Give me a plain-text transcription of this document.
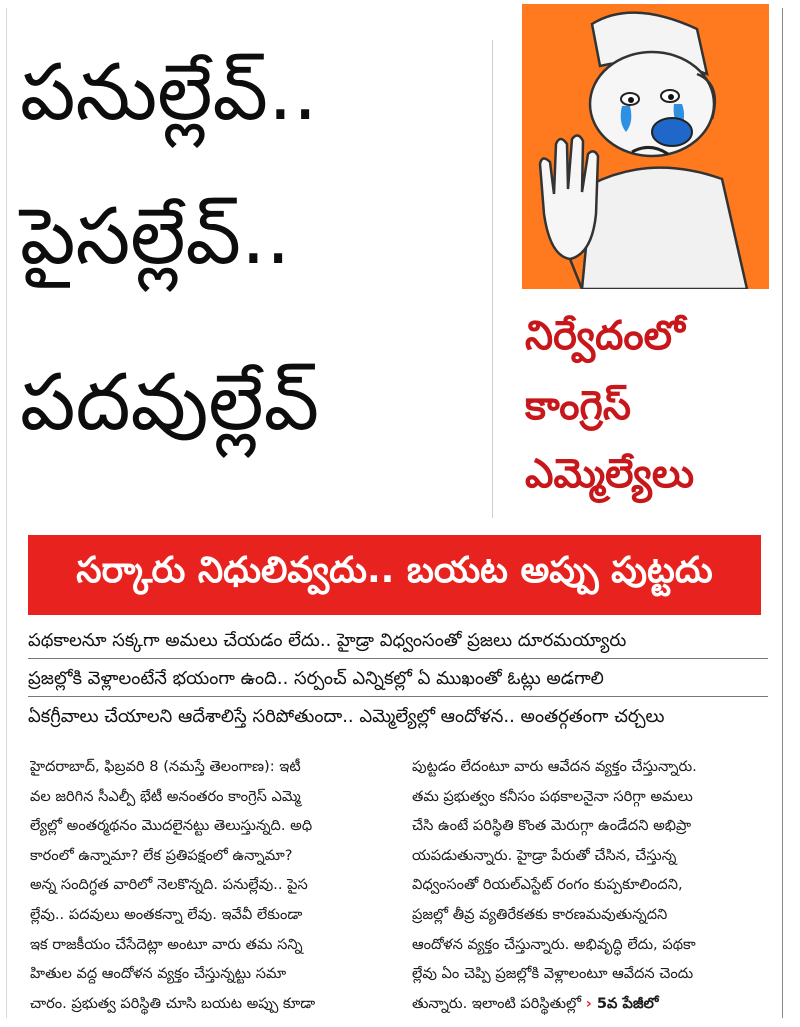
పనుల్లేవ్..
పైసల్లేవ్..
పదవుల్లేవ్
నిర్వేదంలో
కాంగ్రెస్
ఎమ్మెల్యేలు
సర్కారు నిధులివ్వదు.. బయట అప్పు పుట్టదు
పథకాలనూ సక్కగా అమలు చేయడం లేదు.. హైడ్రా విధ్వంసంతో ప్రజలు దూరమయ్యారు
ప్రజల్లోకి వెళ్లాలంటేనే భయంగా ఉంది.. సర్పంచ్ ఎన్నికల్లో ఏ ముఖంతో ఓట్లు అడగాలి
ఏకగ్రీవాలు చేయాలని ఆదేశాలిస్తే సరిపోతుందా.. ఎమ్మెల్యేల్లో ఆందోళన.. అంతర్గతంగా చర్చలు
హైదరాబాద్, ఫిబ్రవరి 8 (నమస్తే తెలంగాణ): ఇటీ
వల జరిగిన సీఎల్పీ భేటీ అనంతరం కాంగ్రెస్ ఎమ్మె
ల్యేల్లో అంతర్మథనం మొదలైనట్టు తెలుస్తున్నది. అధి
కారంలో ఉన్నామా? లేక ప్రతిపక్షంలో ఉన్నామా?
అన్న సందిగ్ధత వారిలో నెలకొన్నది. పనుల్లేవు.. పైస
ల్లేవు.. పదవులు అంతకన్నా లేవు. ఇవేవీ లేకుండా
ఇక రాజకీయం చేసేదెట్లా అంటూ వారు తమ సన్ని
హితుల వద్ద ఆందోళన వ్యక్తం చేస్తున్నట్టు సమా
చారం. ప్రభుత్వ పరిస్థితి చూసి బయట అప్పు కూడా
పుట్టడం లేదంటూ వారు ఆవేదన వ్యక్తం చేస్తున్నారు.
తమ ప్రభుత్వం కనీసం పథకాలనైనా సరిగ్గా అమలు
చేసి ఉంటే పరిస్థితి కొంత మెరుగ్గా ఉండేదని అభిప్రా
యపడుతున్నారు. హైడ్రా పేరుతో చేసిన, చేస్తున్న
విధ్వంసంతో రియల్‌ఎస్టేట్ రంగం కుప్పకూలిందని,
ప్రజల్లో తీవ్ర వ్యతిరేకతకు కారణమవుతున్నదని
ఆందోళన వ్యక్తం చేస్తున్నారు. అభివృద్ధి లేదు, పథకా
ల్లేవు ఏం చెప్పి ప్రజల్లోకి వెళ్లాలంటూ ఆవేదన చెందు
తున్నారు. ఇలాంటి పరిస్థితుల్లో › 5వ పేజీలో
